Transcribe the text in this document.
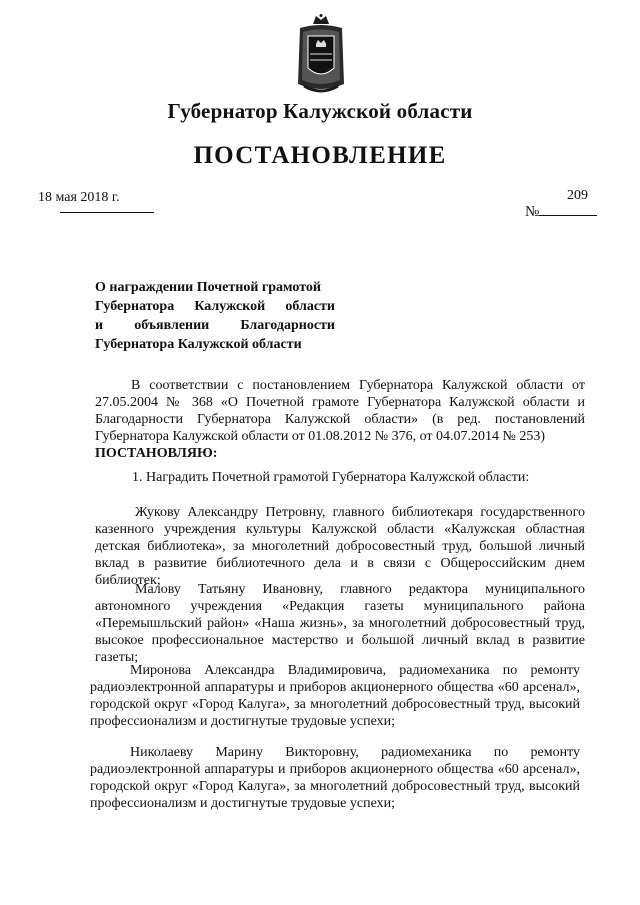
Губернатор Калужской области
ПОСТАНОВЛЕНИЕ
18 мая 2018 г.	209
№
О награждении Почетной грамотой
Губернатора Калужской области
и объявлении Благодарности
Губернатора Калужской области
В соответствии с постановлением Губернатора Калужской области от 27.05.2004 № 368 «О Почетной грамоте Губернатора Калужской области и Благодарности Губернатора Калужской области» (в ред. постановлений Губернатора Калужской области от 01.08.2012 № 376, от 04.07.2014 № 253)
ПОСТАНОВЛЯЮ:
1. Наградить Почетной грамотой Губернатора Калужской области:
Жукову Александру Петровну, главного библиотекаря государственного казенного учреждения культуры Калужской области «Калужская областная детская библиотека», за многолетний добросовестный труд, большой личный вклад в развитие библиотечного дела и в связи с Общероссийским днем библиотек;
Малову Татьяну Ивановну, главного редактора муниципального автономного учреждения «Редакция газеты муниципального района «Перемышльский район» «Наша жизнь», за многолетний добросовестный труд, высокое профессиональное мастерство и большой личный вклад в развитие газеты;
Миронова Александра Владимировича, радиомеханика по ремонту радиоэлектронной аппаратуры и приборов акционерного общества «60 арсенал», городской округ «Город Калуга», за многолетний добросовестный труд, высокий профессионализм и достигнутые трудовые успехи;
Николаеву Марину Викторовну, радиомеханика по ремонту радиоэлектронной аппаратуры и приборов акционерного общества «60 арсенал», городской округ «Город Калуга», за многолетний добросовестный труд, высокий профессионализм и достигнутые трудовые успехи;
